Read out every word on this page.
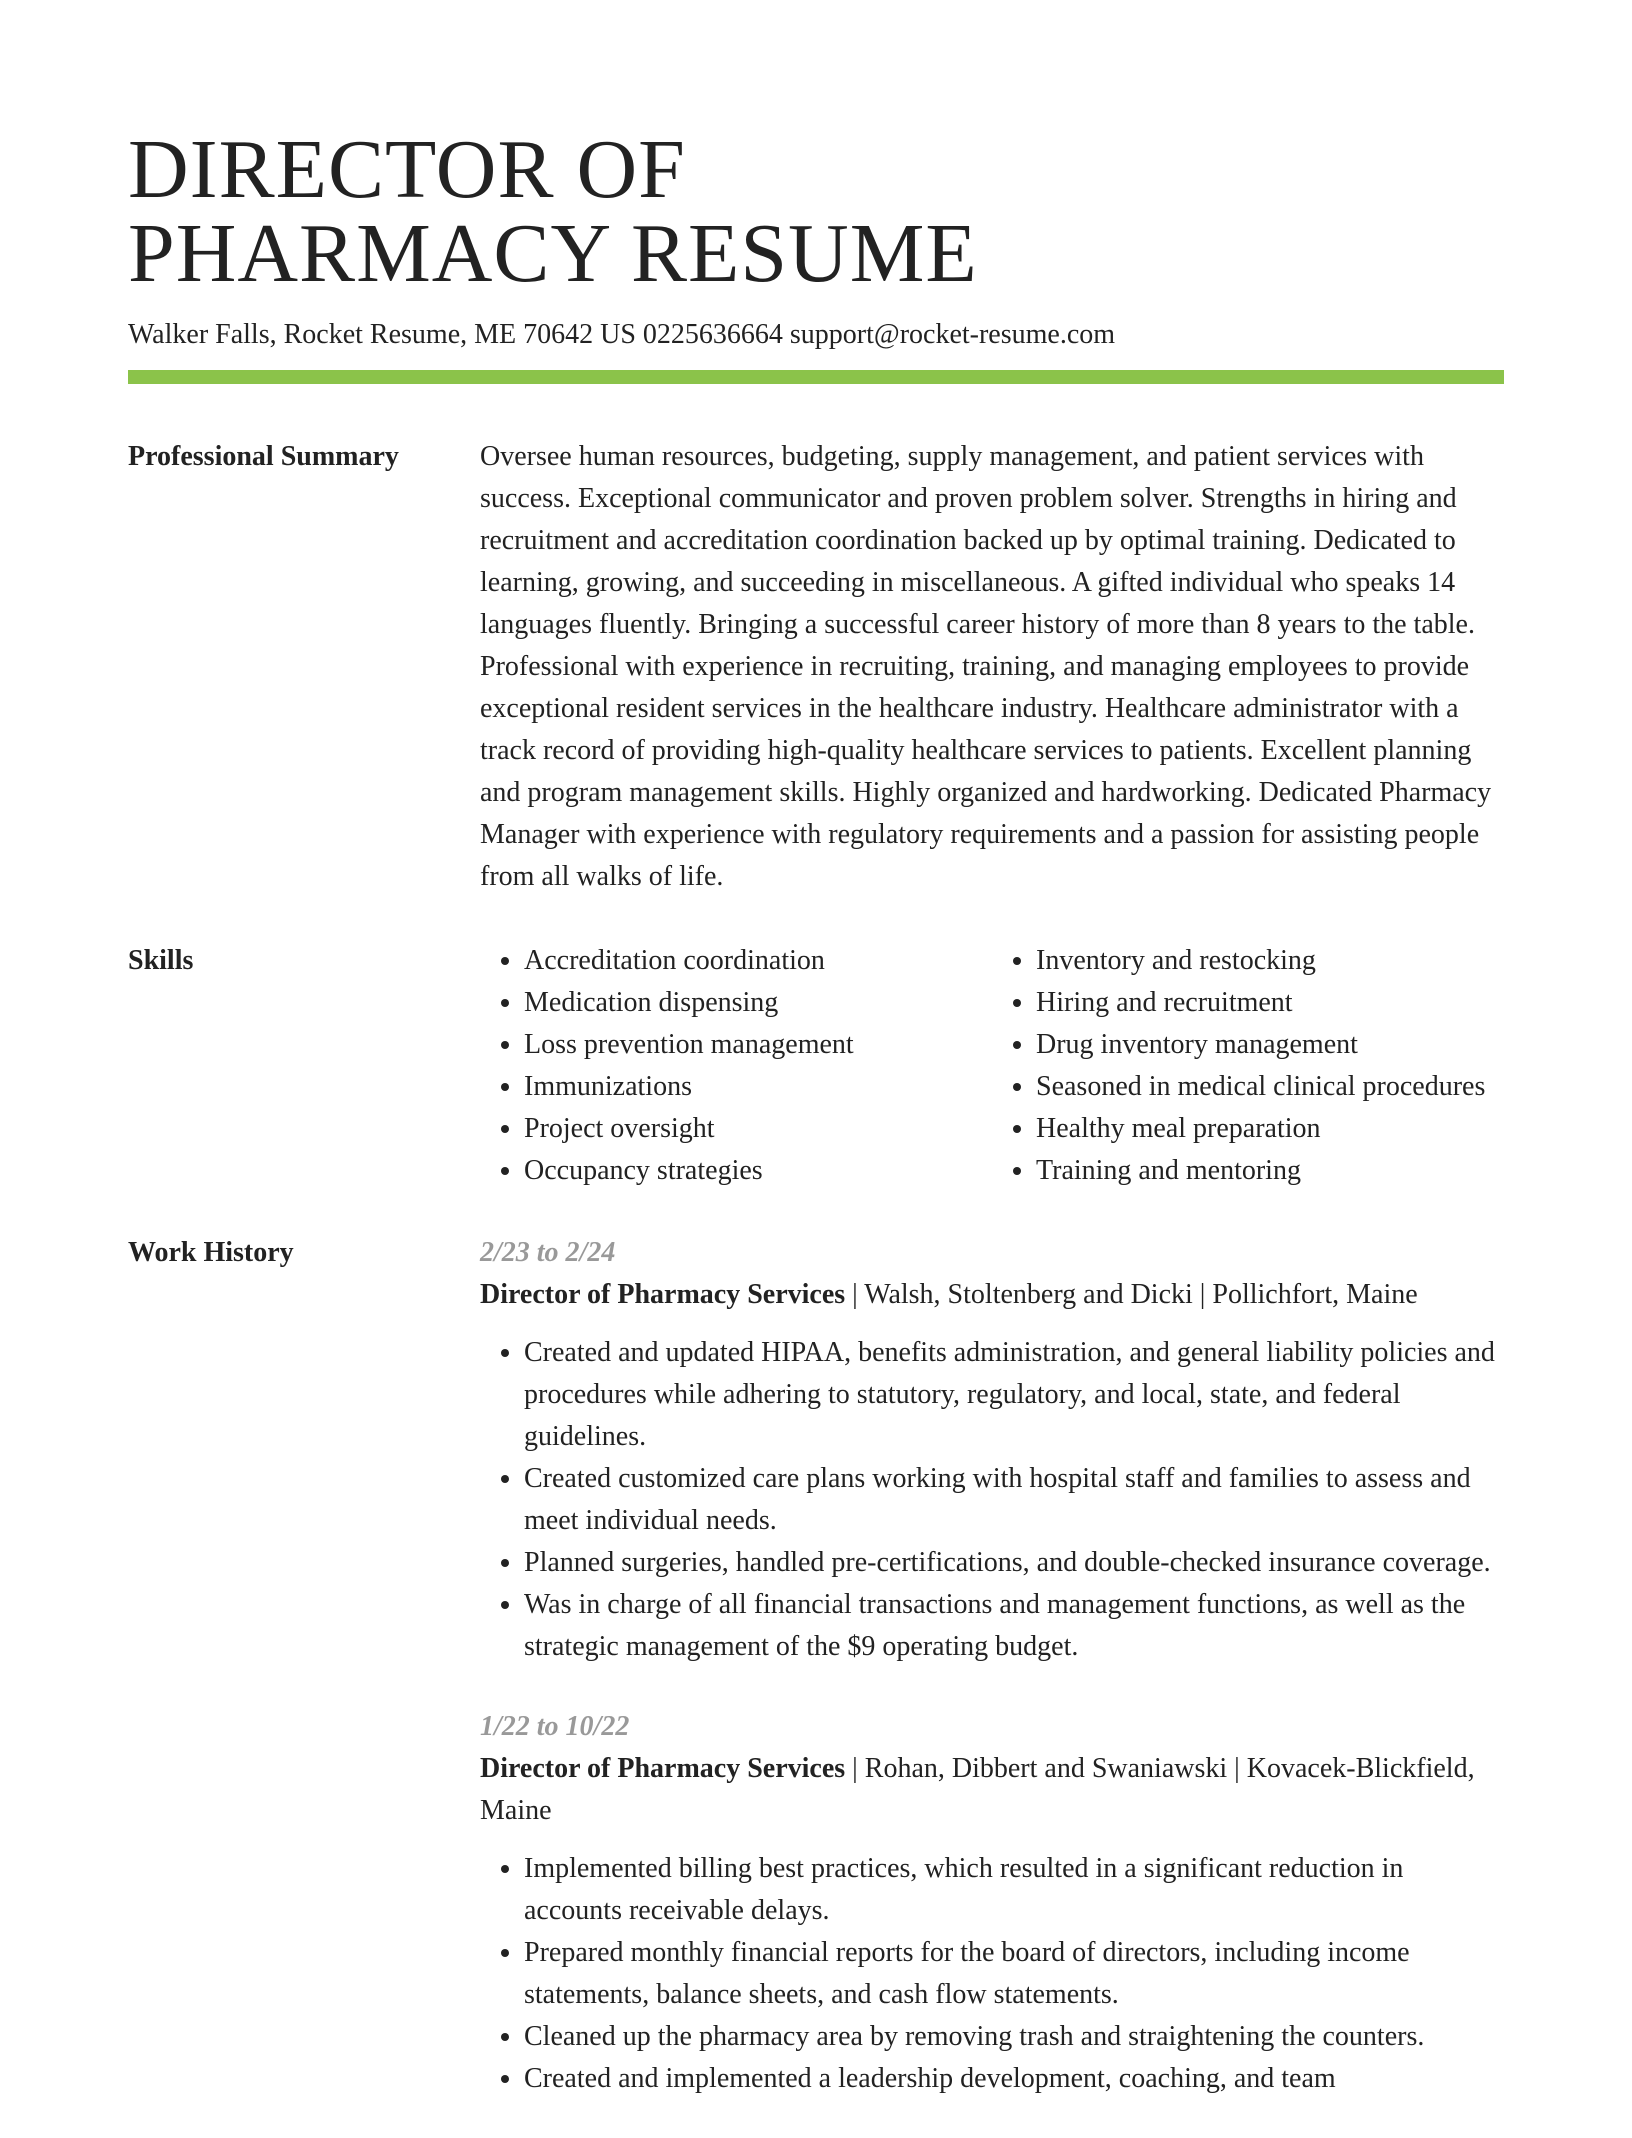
DIRECTOR OF
PHARMACY RESUME
Walker Falls, Rocket Resume, ME 70642 US 0225636664 support@rocket-resume.com
Professional Summary	Oversee human resources, budgeting, supply management, and patient services with success. Exceptional communicator and proven problem solver. Strengths in hiring and recruitment and accreditation coordination backed up by optimal training. Dedicated to learning, growing, and succeeding in miscellaneous. A gifted individual who speaks 14 languages fluently. Bringing a successful career history of more than 8 years to the table. Professional with experience in recruiting, training, and managing employees to provide exceptional resident services in the healthcare industry. Healthcare administrator with a track record of providing high-quality healthcare services to patients. Excellent planning and program management skills. Highly organized and hardworking. Dedicated Pharmacy Manager with experience with regulatory requirements and a passion for assisting people from all walks of life.

Skills
•	Accreditation coordination
• Medication dispensing
• Loss prevention management
• Immunizations
• Project oversight
• Occupancy strategies
• Inventory and restocking
• Hiring and recruitment
• Drug inventory management
• Seasoned in medical clinical procedures
• Healthy meal preparation
• Training and mentoring
Work History	2/23 to 2/24
Director of Pharmacy Services | Walsh, Stoltenberg and Dicki | Pollichfort, Maine
• Created and updated HIPAA, benefits administration, and general liability policies and procedures while adhering to statutory, regulatory, and local, state, and federal guidelines.
• Created customized care plans working with hospital staff and families to assess and meet individual needs.
• Planned surgeries, handled pre-certifications, and double-checked insurance coverage.
• Was in charge of all financial transactions and management functions, as well as the strategic management of the $9 operating budget.
1/22 to 10/22
Director of Pharmacy Services | Rohan, Dibbert and Swaniawski | Kovacek-Blickfield, Maine
• Implemented billing best practices, which resulted in a significant reduction in accounts receivable delays.
• Prepared monthly financial reports for the board of directors, including income statements, balance sheets, and cash flow statements.
• Cleaned up the pharmacy area by removing trash and straightening the counters.
• Created and implemented a leadership development, coaching, and team
